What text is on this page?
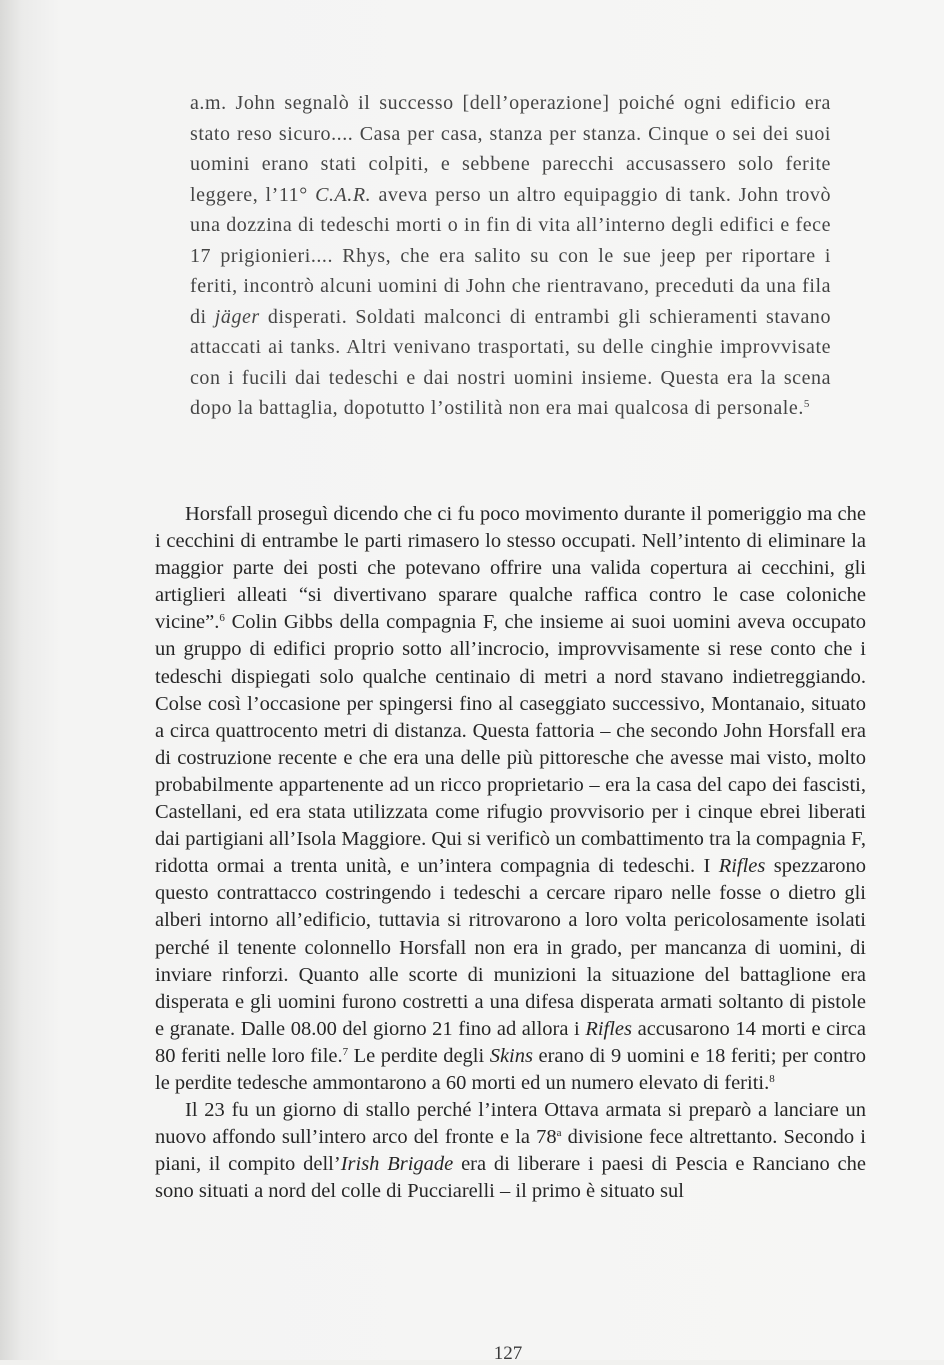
a.m. John segnalò il successo [dell’operazione] poiché ogni edificio era stato reso sicuro.... Casa per casa, stanza per stanza. Cinque o sei dei suoi uomini erano stati colpiti, e sebbene parecchi accusassero solo ferite leggere, l’11° C.A.R. aveva perso un altro equipaggio di tank. John trovò una dozzina di tedeschi morti o in fin di vita all’interno degli edifici e fece 17 prigionieri.... Rhys, che era salito su con le sue jeep per riportare i feriti, incontrò alcuni uomini di John che rientravano, preceduti da una fila di jäger disperati. Soldati malconci di entrambi gli schieramenti stavano attaccati ai tanks. Altri venivano trasportati, su delle cinghie improvvisate con i fucili dai tedeschi e dai nostri uomini insieme. Questa era la scena dopo la battaglia, dopotutto l’ostilità non era mai qualcosa di personale.$^5$

Horsfall proseguì dicendo che ci fu poco movimento durante il pomeriggio ma che i cecchini di entrambe le parti rimasero lo stesso occupati. Nell’intento di eliminare la maggior parte dei posti che potevano offrire una valida copertura ai cecchini, gli artiglieri alleati “si divertivano sparare qualche raffica contro le case coloniche vicine”.$^6$ Colin Gibbs della compagnia F, che insieme ai suoi uomini aveva occupato un gruppo di edifici proprio sotto all’incrocio, improvvisamente si rese conto che i tedeschi dispiegati solo qualche centinaio di metri a nord stavano indietreggiando. Colse così l’occasione per spingersi fino al caseggiato successivo, Montanaio, situato a circa quattrocento metri di distanza. Questa fattoria – che secondo John Horsfall era di costruzione recente e che era una delle più pittoresche che avesse mai visto, molto probabilmente appartenente ad un ricco proprietario – era la casa del capo dei fascisti, Castellani, ed era stata utilizzata come rifugio provvisorio per i cinque ebrei liberati dai partigiani all’Isola Maggiore. Qui si verificò un combattimento tra la compagnia F, ridotta ormai a trenta unità, e un’intera compagnia di tedeschi. I Rifles spezzarono questo contrattacco costringendo i tedeschi a cercare riparo nelle fosse o dietro gli alberi intorno all’edificio, tuttavia si ritrovarono a loro volta pericolosamente isolati perché il tenente colonnello Horsfall non era in grado, per mancanza di uomini, di inviare rinforzi. Quanto alle scorte di munizioni la situazione del battaglione era disperata e gli uomini furono costretti a una difesa disperata armati soltanto di pistole e granate. Dalle 08.00 del giorno 21 fino ad allora i Rifles accusarono 14 morti e circa 80 feriti nelle loro file.$^7$ Le perdite degli Skins erano di 9 uomini e 18 feriti; per contro le perdite tedesche ammontarono a 60 morti ed un numero elevato di feriti.$^8$

Il 23 fu un giorno di stallo perché l’intera Ottava armata si preparò a lanciare un nuovo affondo sull’intero arco del fronte e la 78$^a$ divisione fece altrettanto. Secondo i piani, il compito dell’Irish Brigade era di liberare i paesi di Pescia e Ranciano che sono situati a nord del colle di Pucciarelli – il primo è situato sul

127
